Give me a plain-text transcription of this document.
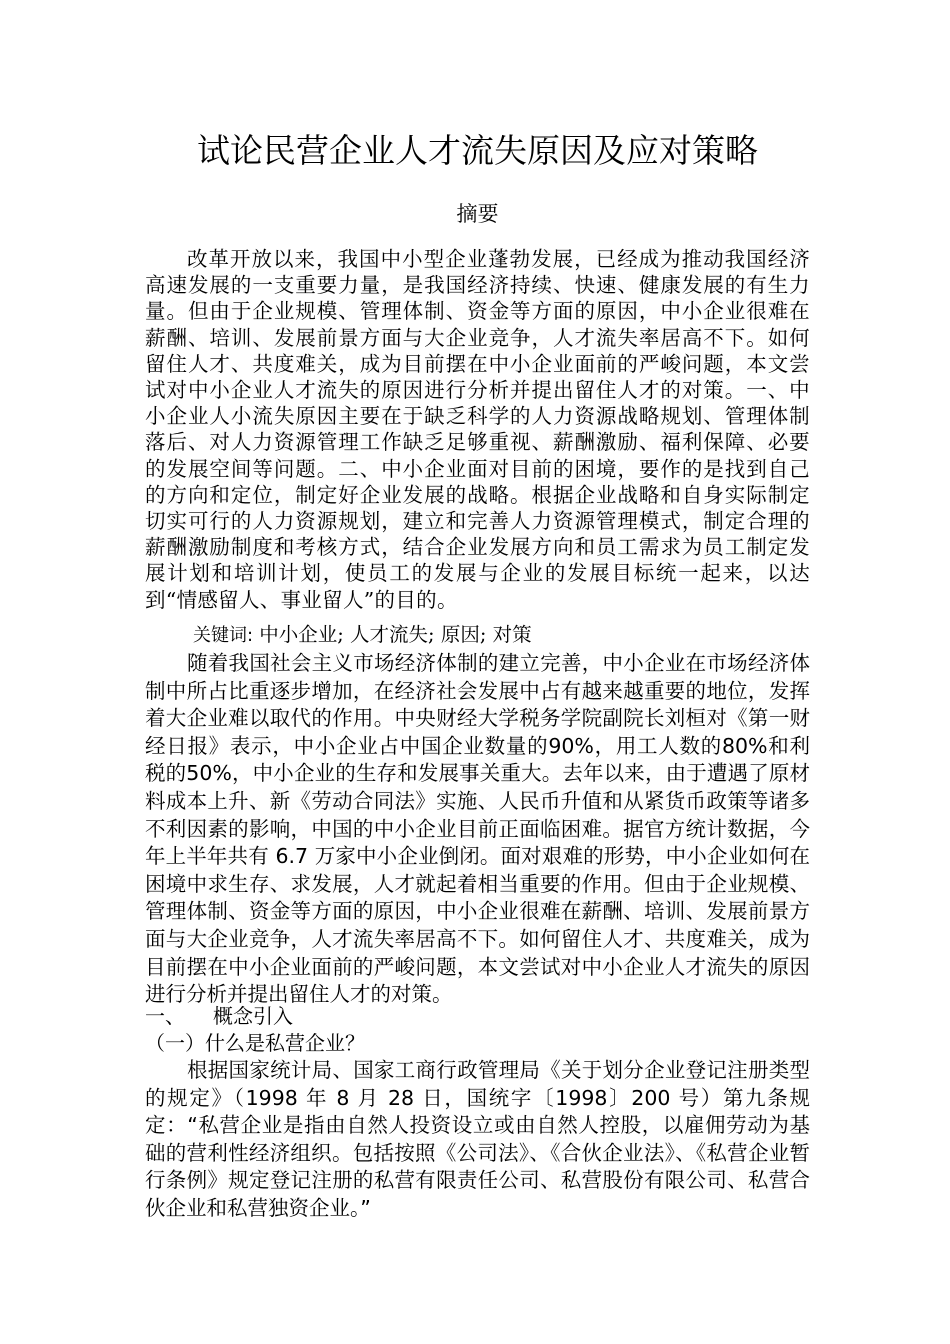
试论民营企业人才流失原因及应对策略
摘要

改革开放以来，我国中小型企业蓬勃发展，已经成为推动我国经济高速发展的一支重要力量，是我国经济持续、快速、健康发展的有生力量。但由于企业规模、管理体制、资金等方面的原因，中小企业很难在薪酬、培训、发展前景方面与大企业竞争，人才流失率居高不下。如何留住人才、共度难关，成为目前摆在中小企业面前的严峻问题，本文尝试对中小企业人才流失的原因进行分析并提出留住人才的对策。一、中小企业人小流失原因主要在于缺乏科学的人力资源战略规划、管理体制落后、对人力资源管理工作缺乏足够重视、薪酬激励、福利保障、必要的发展空间等问题。二、中小企业面对目前的困境，要作的是找到自己的方向和定位，制定好企业发展的战略。根据企业战略和自身实际制定切实可行的人力资源规划，建立和完善人力资源管理模式，制定合理的薪酬激励制度和考核方式，结合企业发展方向和员工需求为员工制定发展计划和培训计划，使员工的发展与企业的发展目标统一起来，以达到“情感留人、事业留人”的目的。

关键词: 中小企业; 人才流失; 原因; 对策

随着我国社会主义市场经济体制的建立完善，中小企业在市场经济体制中所占比重逐步增加，在经济社会发展中占有越来越重要的地位，发挥着大企业难以取代的作用。中央财经大学税务学院副院长刘桓对《第一财经日报》表示，中小企业占中国企业数量的90%，用工人数的80%和利税的50%，中小企业的生存和发展事关重大。去年以来，由于遭遇了原材料成本上升、新《劳动合同法》实施、人民币升值和从紧货币政策等诸多不利因素的影响，中国的中小企业目前正面临困难。据官方统计数据，今年上半年共有 6.7 万家中小企业倒闭。面对艰难的形势，中小企业如何在困境中求生存、求发展，人才就起着相当重要的作用。但由于企业规模、管理体制、资金等方面的原因，中小企业很难在薪酬、培训、发展前景方面与大企业竞争，人才流失率居高不下。如何留住人才、共度难关，成为目前摆在中小企业面前的严峻问题，本文尝试对中小企业人才流失的原因进行分析并提出留住人才的对策。

一、 概念引入

（一）什么是私营企业？

根据国家统计局、国家工商行政管理局《关于划分企业登记注册类型的规定》（1998 年 8 月 28 日，国统字〔1998〕200 号）第九条规定：“私营企业是指由自然人投资设立或由自然人控股，以雇佣劳动为基础的营利性经济组织。包括按照《公司法》、《合伙企业法》、《私营企业暂行条例》规定登记注册的私营有限责任公司、私营股份有限公司、私营合伙企业和私营独资企业。”
